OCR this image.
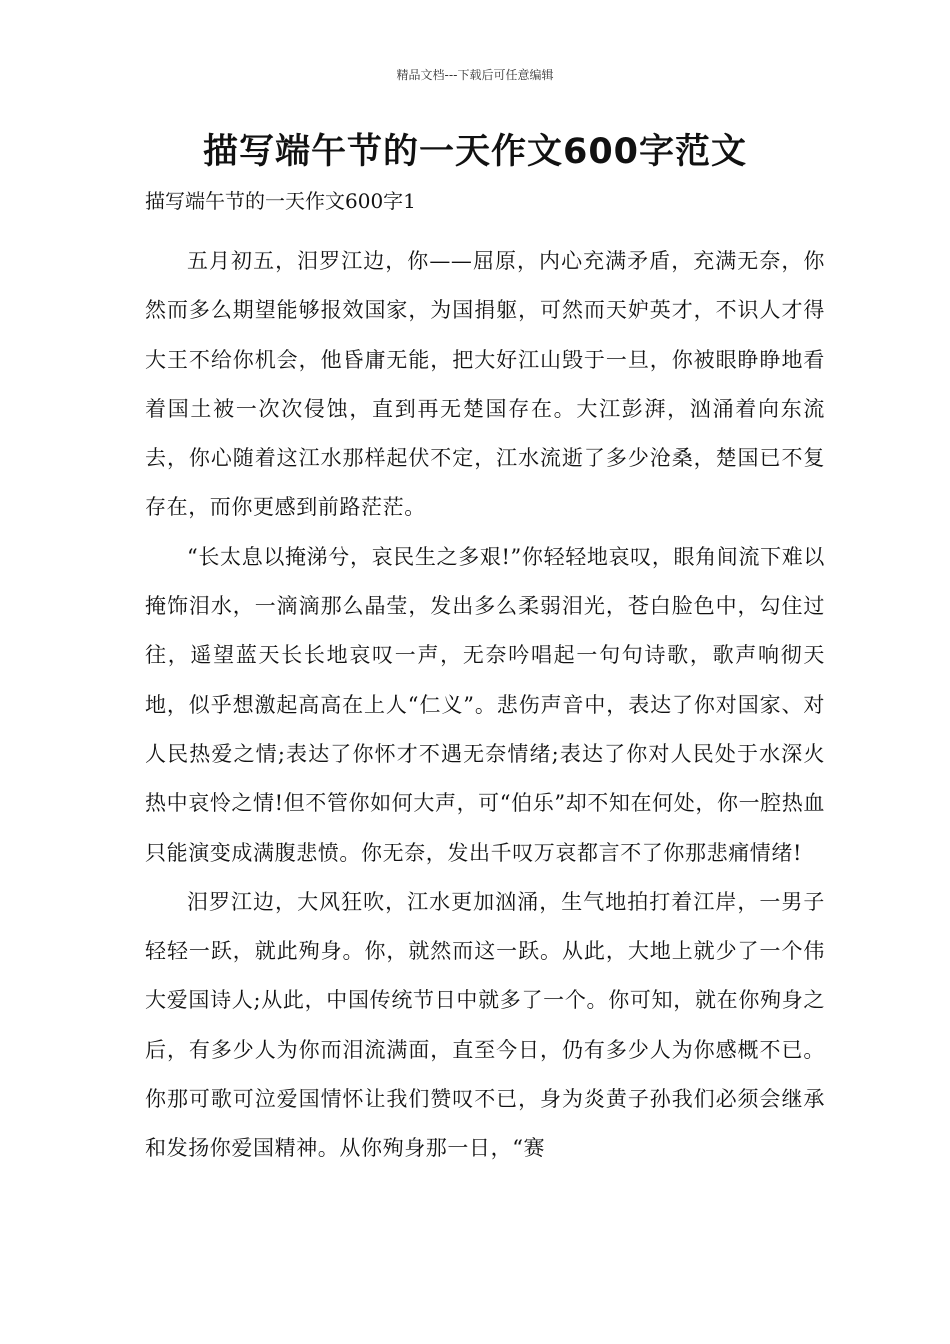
精品文档---下载后可任意编辑
描写端午节的一天作文600字范文
描写端午节的一天作文600字1

五月初五，汨罗江边，你——屈原，内心充满矛盾，充满无奈，你然而多么期望能够报效国家，为国捐躯，可然而天妒英才，不识人才得大王不给你机会，他昏庸无能，把大好江山毁于一旦，你被眼睁睁地看着国土被一次次侵蚀，直到再无楚国存在。大江彭湃，汹涌着向东流去，你心随着这江水那样起伏不定，江水流逝了多少沧桑，楚国已不复存在，而你更感到前路茫茫。

“长太息以掩涕兮，哀民生之多艰!”你轻轻地哀叹，眼角间流下难以掩饰泪水，一滴滴那么晶莹，发出多么柔弱泪光，苍白脸色中，勾住过往，遥望蓝天长长地哀叹一声，无奈吟唱起一句句诗歌，歌声响彻天地，似乎想激起高高在上人“仁义”。悲伤声音中，表达了你对国家、对人民热爱之情;表达了你怀才不遇无奈情绪;表达了你对人民处于水深火热中哀怜之情!但不管你如何大声，可“伯乐”却不知在何处，你一腔热血只能演变成满腹悲愤。你无奈，发出千叹万哀都言不了你那悲痛情绪!

汨罗江边，大风狂吹，江水更加汹涌，生气地拍打着江岸，一男子轻轻一跃，就此殉身。你，就然而这一跃。从此，大地上就少了一个伟大爱国诗人;从此，中国传统节日中就多了一个。你可知，就在你殉身之后，有多少人为你而泪流满面，直至今日，仍有多少人为你感概不已。你那可歌可泣爱国情怀让我们赞叹不已，身为炎黄子孙我们必须会继承和发扬你爱国精神。从你殉身那一日，“赛
